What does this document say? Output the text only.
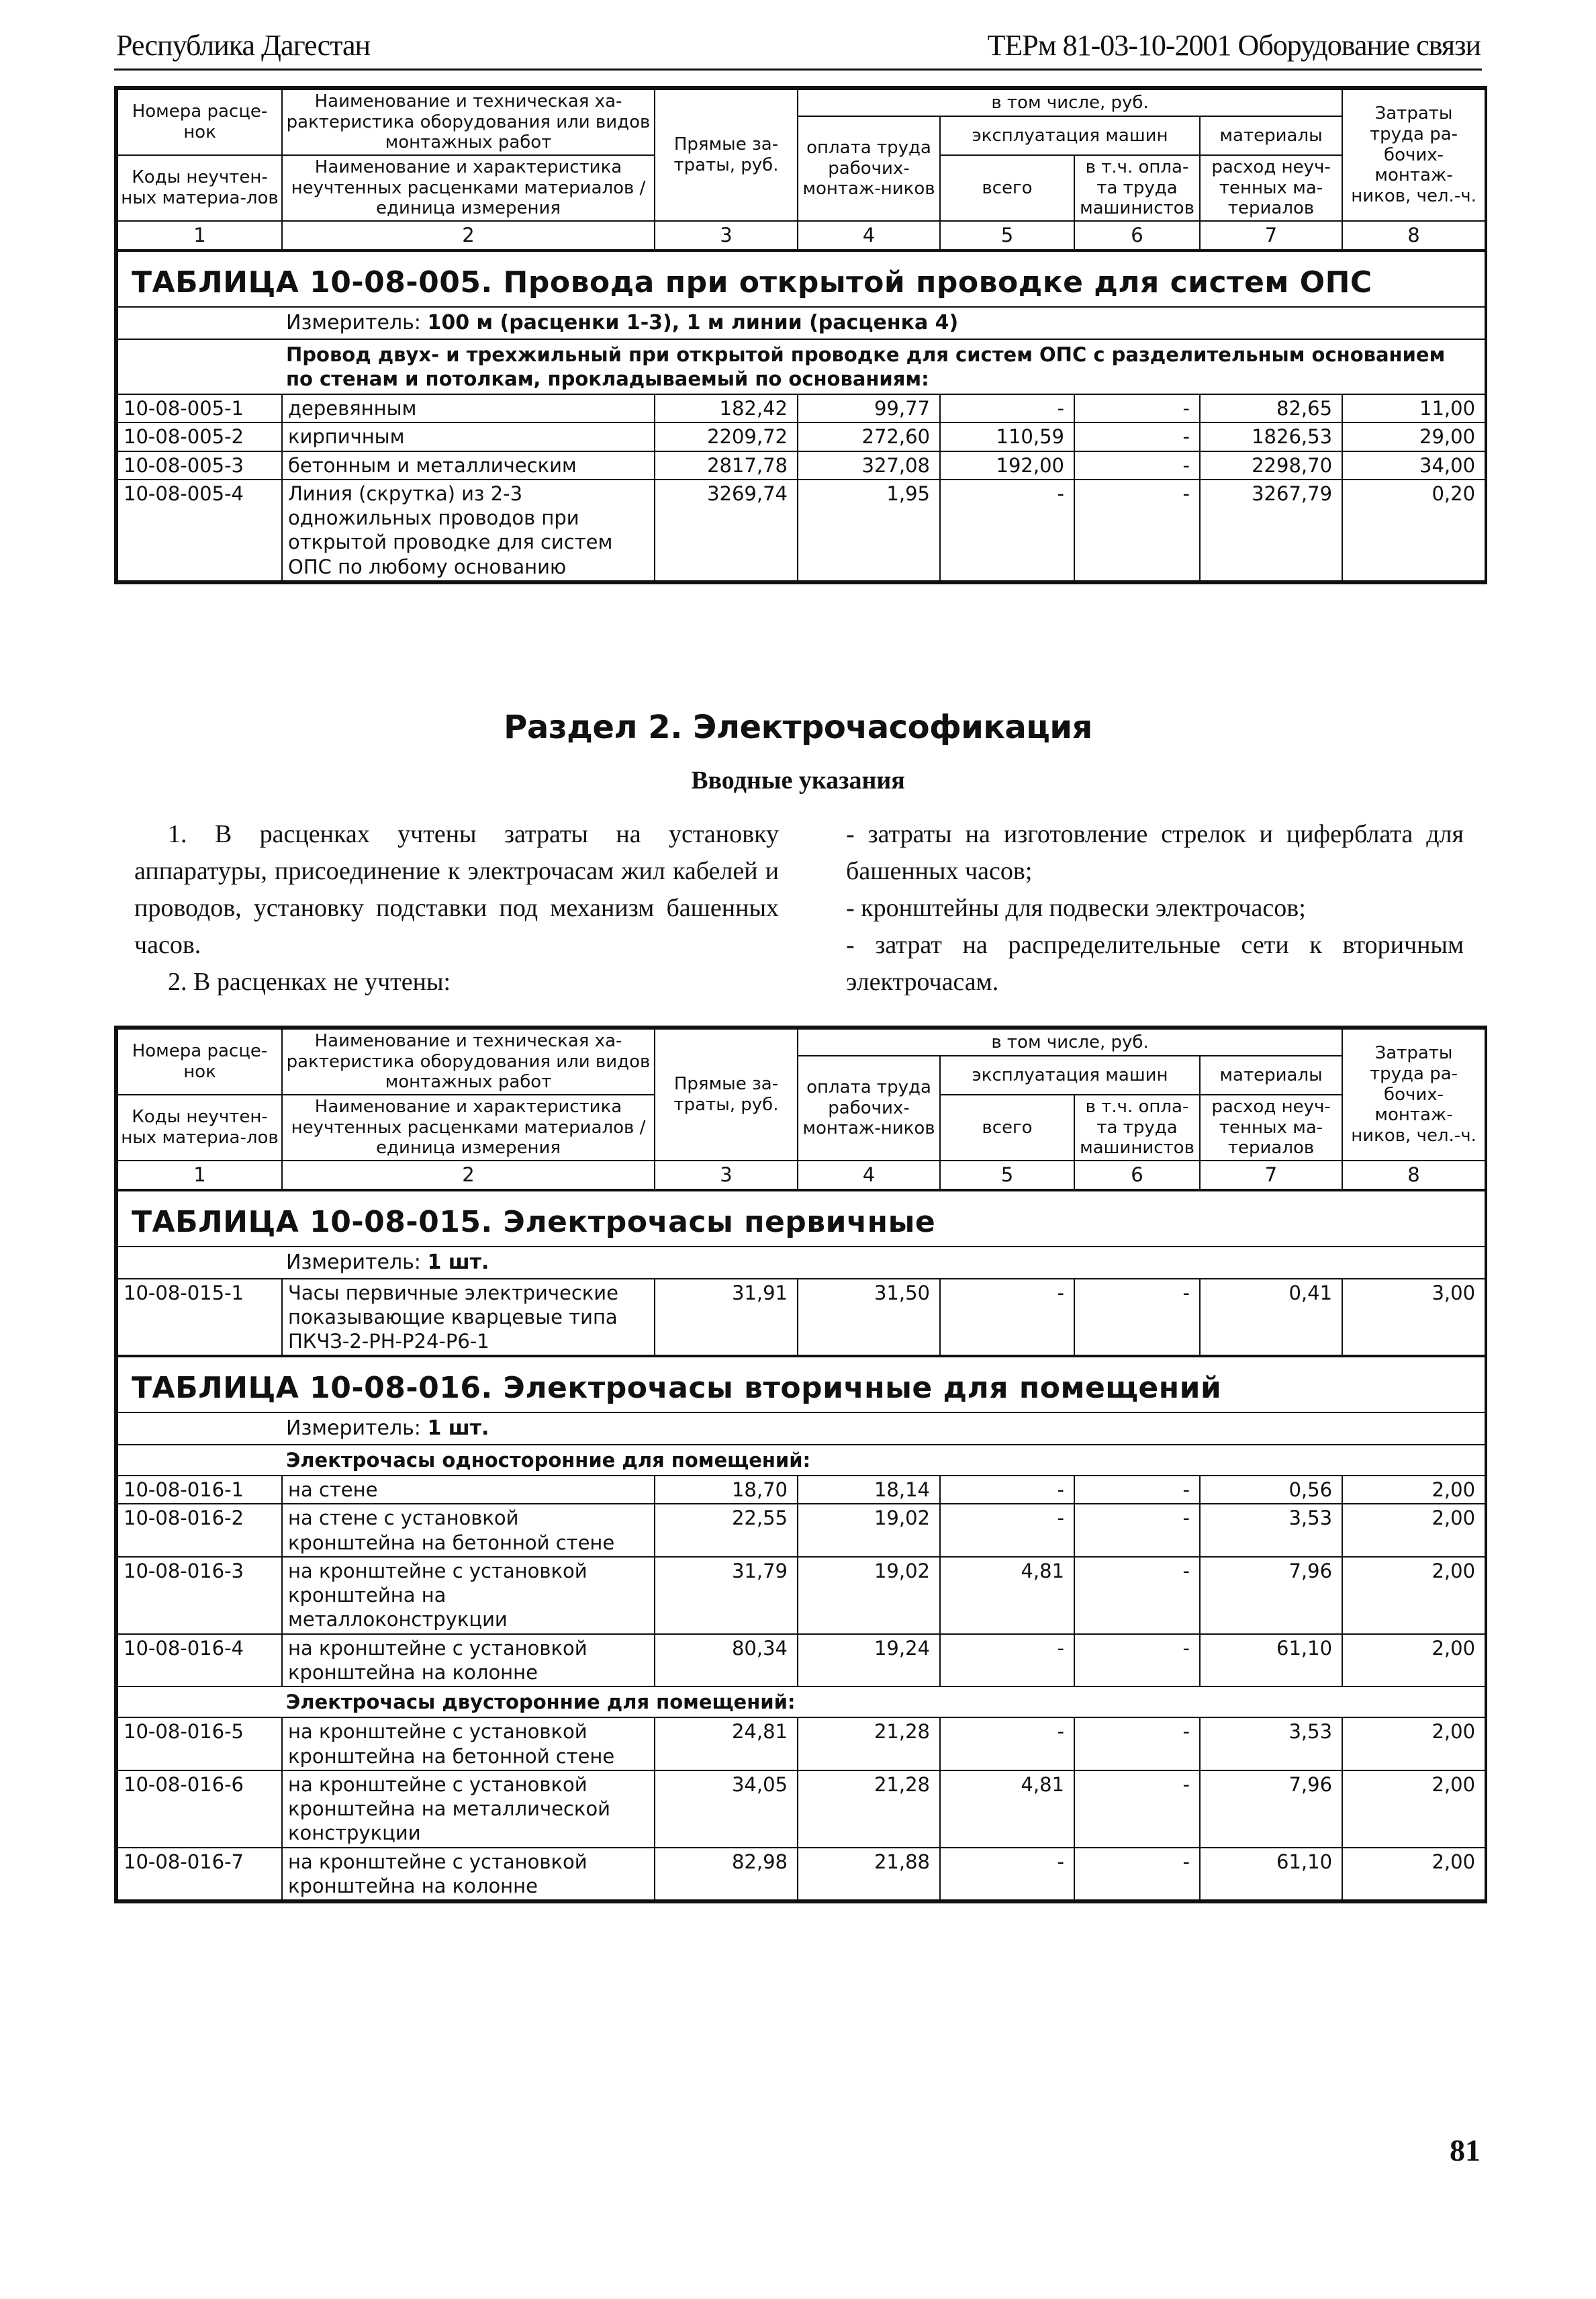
Республика Дагестан	ТЕРм 81-03-10-2001 Оборудование связи
Номера расце-нок	Наименование и техническая ха-рактеристика оборудования или видов монтажных работ	Прямые за-траты, руб.	в том числе, руб.				Затраты труда ра-бочих-монтаж-ников, чел.-ч.
			оплата труда рабочих-монтаж-ников	эксплуатация машин		материалы	
Коды неучтен-ных материа-лов	Наименование и характеристика неучтенных расценками материалов / единица измерения			всего	в т.ч. опла-та труда машинистов	расход неуч-тенных ма-териалов	

1	2	3	4	5	6	7	8
ТАБЛИЦА 10-08-005. Провода при открытой проводке для систем ОПС							
Измеритель: 100 м (расценки 1-3), 1 м линии (расценка 4)							
Провод двух- и трехжильный при открытой проводке для систем ОПС с разделительным основанием по стенам и потолкам, прокладываемый по основаниям:							
10-08-005-1	деревянным	182,42	99,77	-	-	82,65	11,00
10-08-005-2	кирпичным	2209,72	272,60	110,59	-	1826,53	29,00
10-08-005-3	бетонным и металлическим	2817,78	327,08	192,00	-	2298,70	34,00
10-08-005-4	Линия (скрутка) из 2-3 одножильных проводов при открытой проводке для систем ОПС по любому основанию	3269,74	1,95	-	-	3267,79	0,20
Раздел 2. Электрочасофикация
Вводные указания

1. В расценках учтены затраты на установку аппаратуры, присоединение к электрочасам жил кабелей и проводов, установку подставки под механизм башенных часов.

2. В расценках не учтены:

- затраты на изготовление стрелок и циферблата для башенных часов;

- кронштейны для подвески электрочасов;

- затрат на распределительные сети к вторичным электрочасам.

Номера расце-нок	Наименование и техническая ха-рактеристика оборудования или видов монтажных работ	Прямые за-траты, руб.	в том числе, руб.				Затраты труда ра-бочих-монтаж-ников, чел.-ч.
			оплата труда рабочих-монтаж-ников	эксплуатация машин		материалы	
Коды неучтен-ных материа-лов	Наименование и характеристика неучтенных расценками материалов / единица измерения			всего	в т.ч. опла-та труда машинистов	расход неуч-тенных ма-териалов	

1	2	3	4	5	6	7	8
ТАБЛИЦА 10-08-015. Электрочасы первичные							
Измеритель: 1 шт.							
10-08-015-1	Часы первичные электрические показывающие кварцевые типа ПКЧЗ-2-РН-Р24-Р6-1	31,91	31,50	-	-	0,41	3,00
ТАБЛИЦА 10-08-016. Электрочасы вторичные для помещений							
Измеритель: 1 шт.							
Электрочасы односторонние для помещений:							
10-08-016-1	на стене	18,70	18,14	-	-	0,56	2,00
10-08-016-2	на стене с установкой кронштейна на бетонной стене	22,55	19,02	-	-	3,53	2,00
10-08-016-3	на кронштейне с установкой кронштейна на металлоконструкции	31,79	19,02	4,81	-	7,96	2,00
10-08-016-4	на кронштейне с установкой кронштейна на колонне	80,34	19,24	-	-	61,10	2,00
Электрочасы двусторонние для помещений:							
10-08-016-5	на кронштейне с установкой кронштейна на бетонной стене	24,81	21,28	-	-	3,53	2,00
10-08-016-6	на кронштейне с установкой кронштейна на металлической конструкции	34,05	21,28	4,81	-	7,96	2,00
10-08-016-7	на кронштейне с установкой кронштейна на колонне	82,98	21,88	-	-	61,10	2,00
81
